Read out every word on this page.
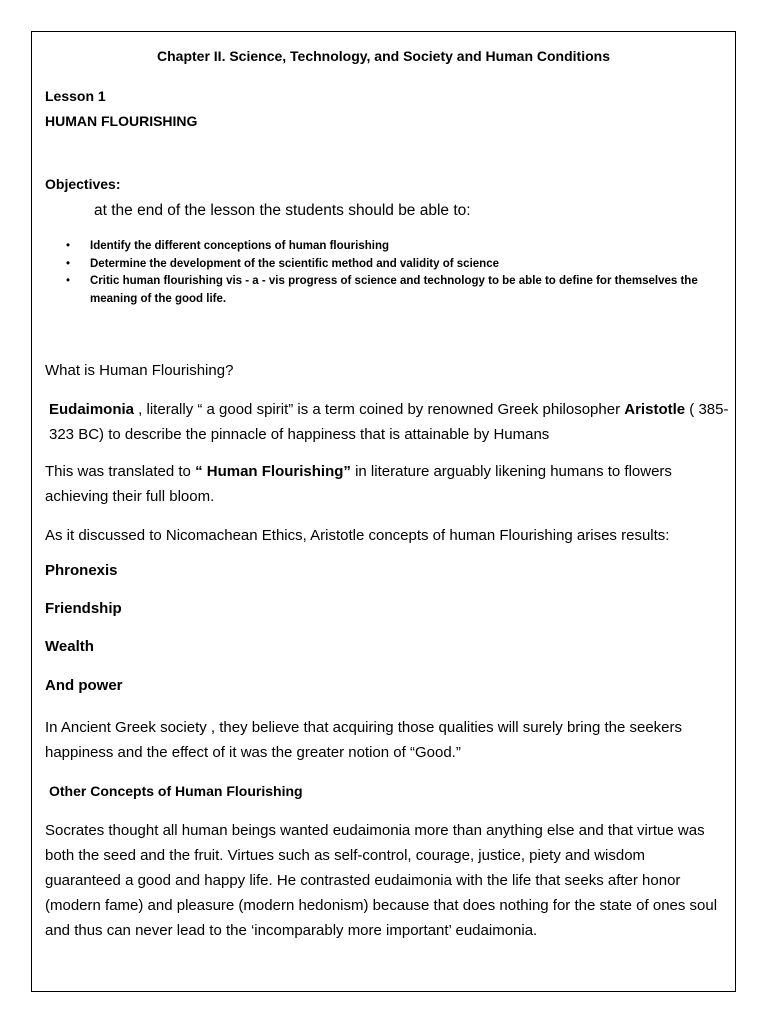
Chapter II. Science, Technology, and Society and Human Conditions
Lesson 1
HUMAN FLOURISHING
Objectives:
at the end of the lesson the students should be able to:
• Identify the different conceptions of human flourishing
• Determine the development of the scientific method and validity of science
• Critic human flourishing vis - a - vis progress of science and technology to be able to define for themselves the meaning of the good life.
What is Human Flourishing?
Eudaimonia , literally “ a good spirit” is a term coined by renowned Greek philosopher Aristotle ( 385-323 BC) to describe the pinnacle of happiness that is attainable by Humans
This was translated to “ Human Flourishing” in literature arguably likening humans to flowers achieving their full bloom.
As it discussed to Nicomachean Ethics, Aristotle concepts of human Flourishing arises results:
Phronexis
Friendship
Wealth
And power
In Ancient Greek society , they believe that acquiring those qualities will surely bring the seekers happiness and the effect of it was the greater notion of “Good.”
Other Concepts of Human Flourishing
Socrates thought all human beings wanted eudaimonia more than anything else and that virtue was both the seed and the fruit. Virtues such as self-control, courage, justice, piety and wisdom guaranteed a good and happy life. He contrasted eudaimonia with the life that seeks after honor (modern fame) and pleasure (modern hedonism) because that does nothing for the state of ones soul and thus can never lead to the ‘incomparably more important’ eudaimonia.
